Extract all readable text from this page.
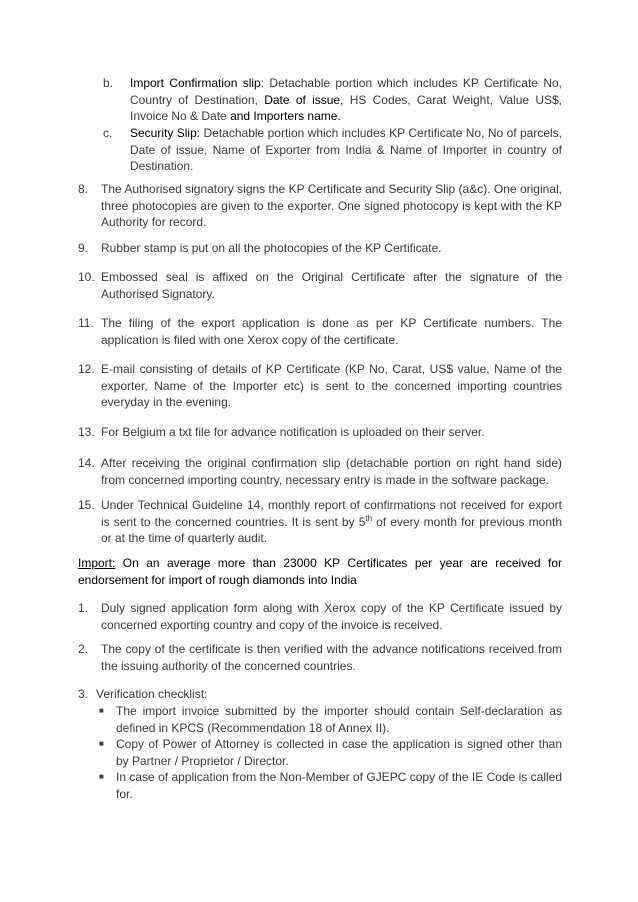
b. Import Confirmation slip: Detachable portion which includes KP Certificate No, Country of Destination, Date of issue, HS Codes, Carat Weight, Value US$, Invoice No & Date and Importers name.
c. Security Slip: Detachable portion which includes KP Certificate No, No of parcels, Date of issue, Name of Exporter from India & Name of Importer in country of Destination.
8. The Authorised signatory signs the KP Certificate and Security Slip (a&c). One original, three photocopies are given to the exporter. One signed photocopy is kept with the KP Authority for record.
9. Rubber stamp is put on all the photocopies of the KP Certificate.
10. Embossed seal is affixed on the Original Certificate after the signature of the Authorised Signatory.
11. The filing of the export application is done as per KP Certificate numbers. The application is filed with one Xerox copy of the certificate.
12. E-mail consisting of details of KP Certificate (KP No, Carat, US$ value, Name of the exporter, Name of the Importer etc) is sent to the concerned importing countries everyday in the evening.
13. For Belgium a txt file for advance notification is uploaded on their server.
14. After receiving the original confirmation slip (detachable portion on right hand side) from concerned importing country, necessary entry is made in the software package.
15. Under Technical Guideline 14, monthly report of confirmations not received for export is sent to the concerned countries. It is sent by 5th of every month for previous month or at the time of quarterly audit.
Import: On an average more than 23000 KP Certificates per year are received for endorsement for import of rough diamonds into India
1. Duly signed application form along with Xerox copy of the KP Certificate issued by concerned exporting country and copy of the invoice is received.
2. The copy of the certificate is then verified with the advance notifications received from the issuing authority of the concerned countries.
3. Verification checklist:
■ The import invoice submitted by the importer should contain Self-declaration as defined in KPCS (Recommendation 18 of Annex II).
■ Copy of Power of Attorney is collected in case the application is signed other than by Partner / Proprietor / Director.
■ In case of application from the Non-Member of GJEPC copy of the IE Code is called for.
